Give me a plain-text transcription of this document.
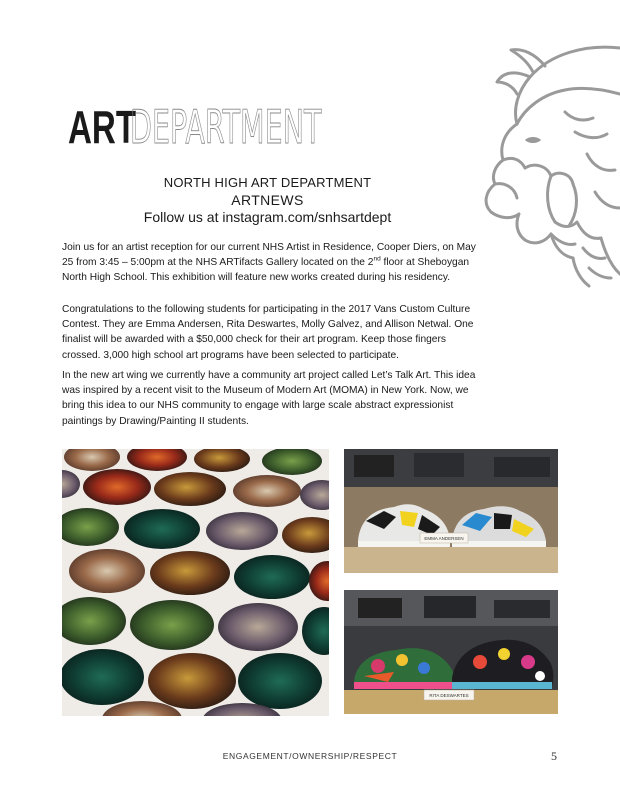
ART
DEPARTMENT
NORTH HIGH ART DEPARTMENT
ARTNEWS
Follow us at instagram.com/snhsartdept

Join us for an artist reception for our current NHS Artist in Residence, Cooper Diers, on May 25 from 3:45 – 5:00pm at the NHS ARTifacts Gallery located on the 2nd floor at Sheboygan North High School. This exhibition will feature new works created during his residency.

Congratulations to the following students for participating in the 2017 Vans Custom Culture Contest. They are Emma Andersen, Rita Deswartes, Molly Galvez, and Allison Netwal. One finalist will be awarded with a $50,000 check for their art program. Keep those fingers crossed. 3,000 high school art programs have been selected to participate.

In the new art wing we currently have a community art project called Let’s Talk Art. This idea was inspired by a recent visit to the Museum of Modern Art (MOMA) in New York. Now, we bring this idea to our NHS community to engage with large scale abstract expressionist paintings by Drawing/Painting II students.

EMMA ANDERSEN
RITA DESWARTES
ENGAGEMENT/OWNERSHIP/RESPECT	5
